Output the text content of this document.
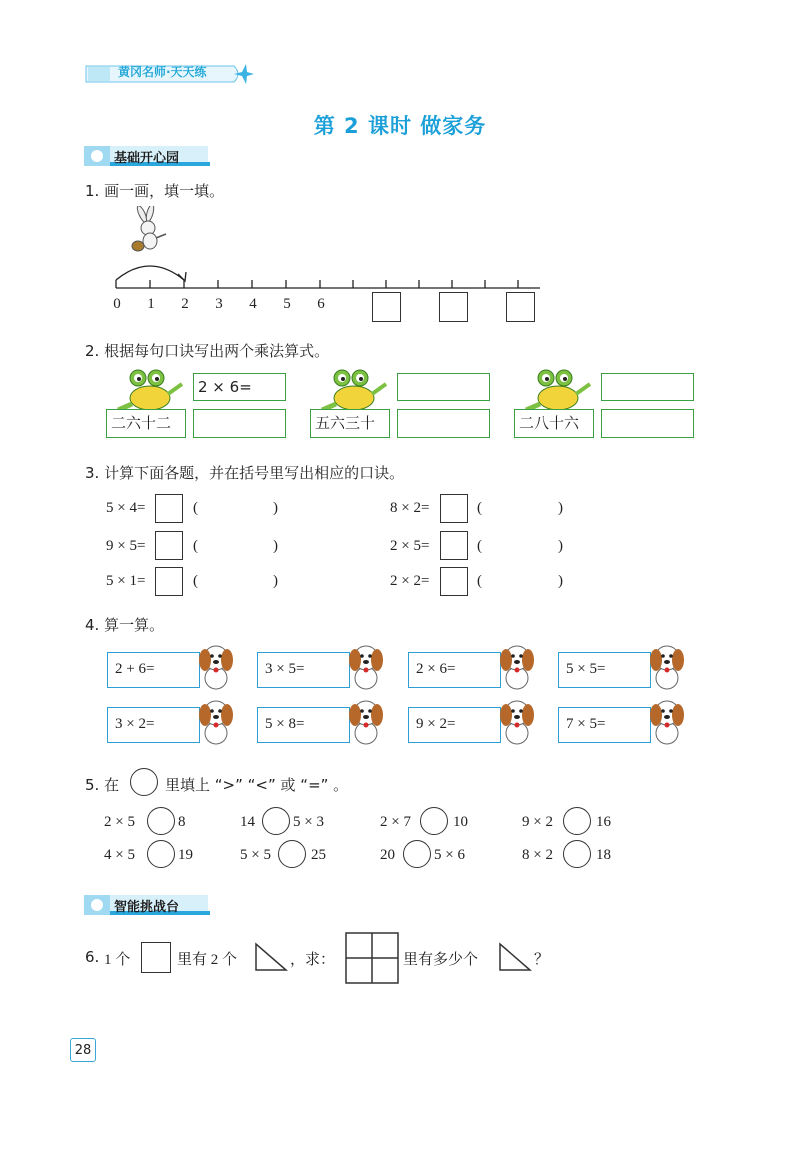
黄冈名师·天天练
第 2 课时 做家务
基础开心园
1. 画一画，填一填。
0 1 2 3 4 5 6
2. 根据每句口诀写出两个乘法算式。
2 × 6=
二六十二	五六三十	二八十六
3. 计算下面各题，并在括号里写出相应的口诀。
5 × 4=	(	)	8 × 2=	(	)
9 × 5=	(	)	2 × 5=	(	)
5 × 1=	(	)	2 × 2=	(	)
4. 算一算。
2 + 6=	3 × 5=	2 × 6=	5 × 5=
3 × 2=	5 × 8=	9 × 2=	7 × 5=
5. 在	里填上 “>” “<” 或 “=” 。
2 × 5	8	14	5 × 3	2 × 7	10	9 × 2	16
4 × 5	19	5 × 5	25	20	5 × 6	8 × 2	18
智能挑战台
6. 1 个	里有 2 个	，求：	里有多少个	？
28
